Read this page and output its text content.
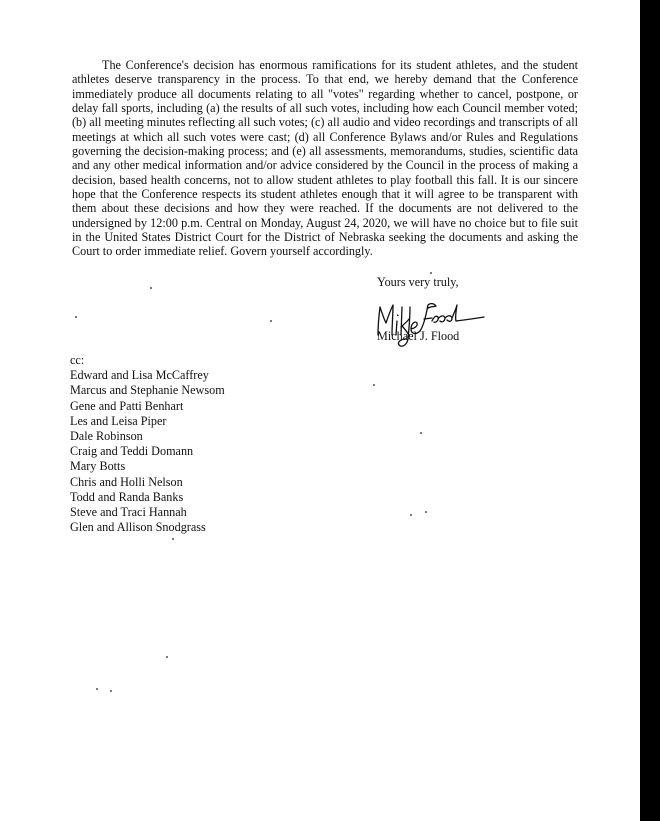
The Conference's decision has enormous ramifications for its student athletes, and the student athletes deserve transparency in the process. To that end, we hereby demand that the Conference immediately produce all documents relating to all "votes" regarding whether to cancel, postpone, or delay fall sports, including (a) the results of all such votes, including how each Council member voted; (b) all meeting minutes reflecting all such votes; (c) all audio and video recordings and transcripts of all meetings at which all such votes were cast; (d) all Conference Bylaws and/or Rules and Regulations governing the decision-making process; and (e) all assessments, memorandums, studies, scientific data and any other medical information and/or advice considered by the Council in the process of making a decision, based health concerns, not to allow student athletes to play football this fall. It is our sincere hope that the Conference respects its student athletes enough that it will agree to be transparent with them about these decisions and how they were reached. If the documents are not delivered to the undersigned by 12:00 p.m. Central on Monday, August 24, 2020, we will have no choice but to file suit in the United States District Court for the District of Nebraska seeking the documents and asking the Court to order immediate relief. Govern yourself accordingly.

Yours very truly,

Michael J. Flood

cc:

Edward and Lisa McCaffrey
Marcus and Stephanie Newsom
Gene and Patti Benhart
Les and Leisa Piper
Dale Robinson
Craig and Teddi Domann
Mary Botts
Chris and Holli Nelson
Todd and Randa Banks
Steve and Traci Hannah
Glen and Allison Snodgrass
